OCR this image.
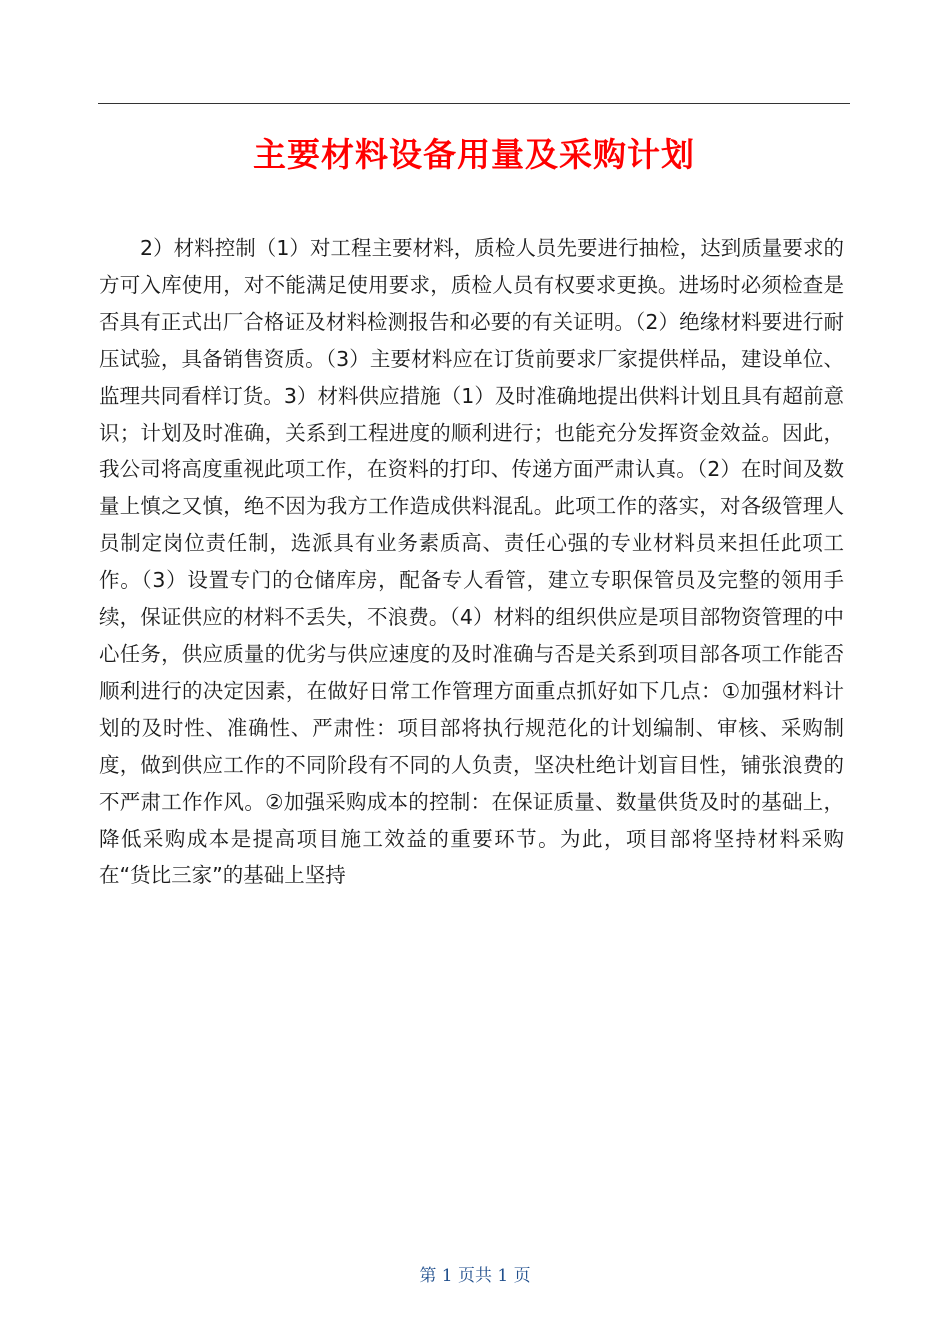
主要材料设备用量及采购计划

2）材料控制（1）对工程主要材料，质检人员先要进行抽检，达到质量要求的方可入库使用，对不能满足使用要求，质检人员有权要求更换。进场时必须检查是否具有正式出厂合格证及材料检测报告和必要的有关证明。（2）绝缘材料要进行耐压试验，具备销售资质。（3）主要材料应在订货前要求厂家提供样品，建设单位、监理共同看样订货。3）材料供应措施（1）及时准确地提出供料计划且具有超前意识；计划及时准确，关系到工程进度的顺利进行；也能充分发挥资金效益。因此，我公司将高度重视此项工作，在资料的打印、传递方面严肃认真。（2）在时间及数量上慎之又慎，绝不因为我方工作造成供料混乱。此项工作的落实，对各级管理人员制定岗位责任制，选派具有业务素质高、责任心强的专业材料员来担任此项工作。（3）设置专门的仓储库房，配备专人看管，建立专职保管员及完整的领用手续，保证供应的材料不丢失，不浪费。（4）材料的组织供应是项目部物资管理的中心任务，供应质量的优劣与供应速度的及时准确与否是关系到项目部各项工作能否顺利进行的决定因素，在做好日常工作管理方面重点抓好如下几点：①加强材料计划的及时性、准确性、严肃性：项目部将执行规范化的计划编制、审核、采购制度，做到供应工作的不同阶段有不同的人负责，坚决杜绝计划盲目性，铺张浪费的不严肃工作作风。②加强采购成本的控制：在保证质量、数量供货及时的基础上，降低采购成本是提高项目施工效益的重要环节。为此，项目部将坚持材料采购在“货比三家”的基础上坚持

第 1 页共 1 页
